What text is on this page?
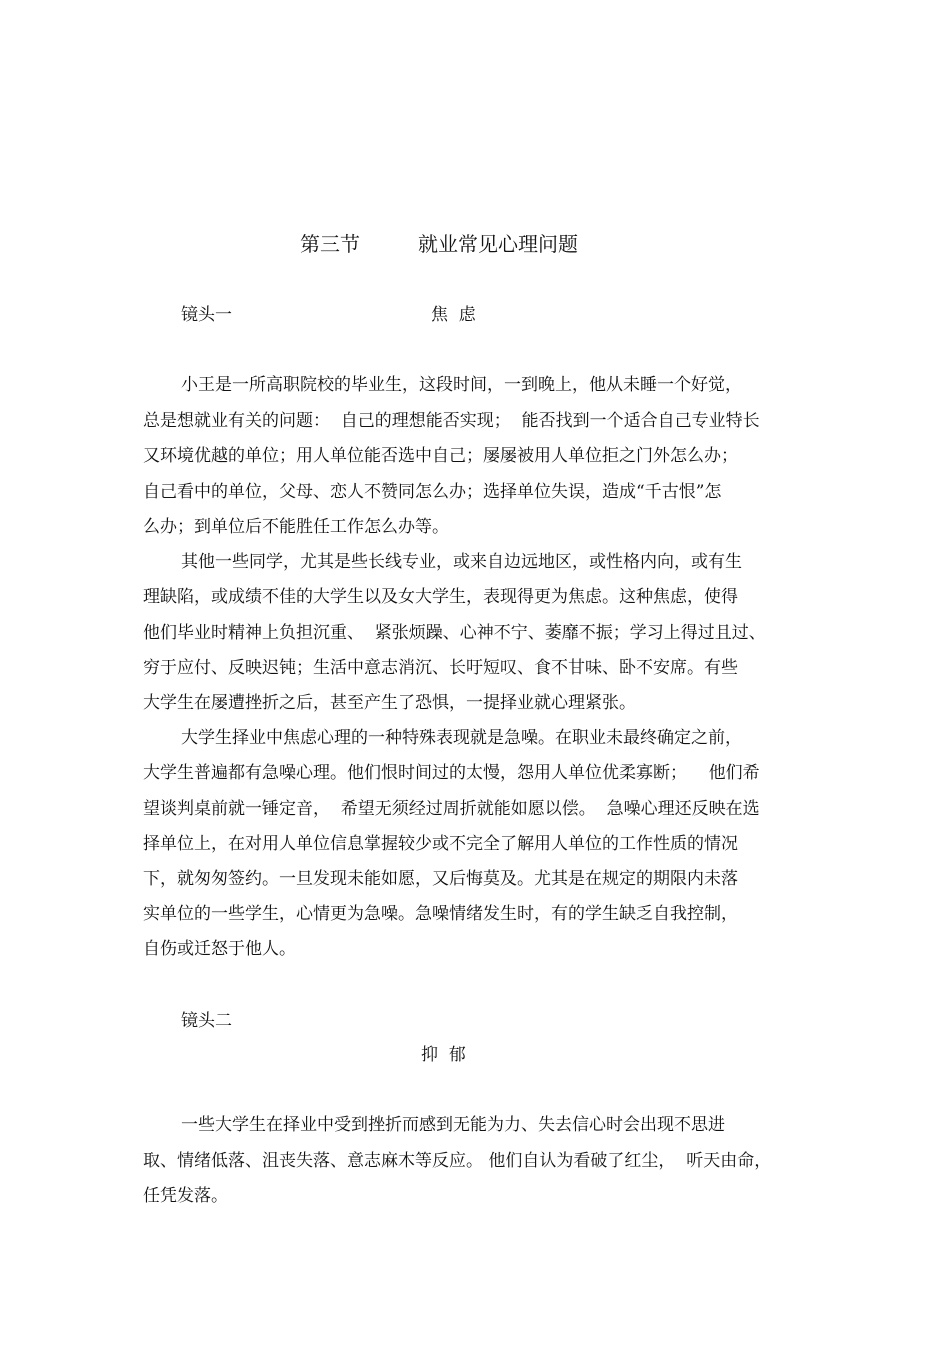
第三节	就业常见心理问题
镜头一	焦  虑
小王是一所高职院校的毕业生，这段时间，一到晚上，他从未睡一个好觉，
总是想就业有关的问题：  自己的理想能否实现；  能否找到一个适合自己专业特长
又环境优越的单位；用人单位能否选中自己；屡屡被用人单位拒之门外怎么办；
自己看中的单位，父母、恋人不赞同怎么办；选择单位失误，造成“千古恨”怎
么办；到单位后不能胜任工作怎么办等。
其他一些同学，尤其是些长线专业，或来自边远地区，或性格内向，或有生
理缺陷，或成绩不佳的大学生以及女大学生，表现得更为焦虑。这种焦虑，使得
他们毕业时精神上负担沉重、  紧张烦躁、心神不宁、萎靡不振；学习上得过且过、
穷于应付、反映迟钝；生活中意志消沉、长吁短叹、食不甘味、卧不安席。有些
大学生在屡遭挫折之后，甚至产生了恐惧，一提择业就心理紧张。
大学生择业中焦虑心理的一种特殊表现就是急噪。在职业未最终确定之前，
大学生普遍都有急噪心理。他们恨时间过的太慢，怨用人单位优柔寡断；    他们希
望谈判桌前就一锤定音，  希望无须经过周折就能如愿以偿。  急噪心理还反映在选
择单位上，在对用人单位信息掌握较少或不完全了解用人单位的工作性质的情况
下，就匆匆签约。一旦发现未能如愿，又后悔莫及。尤其是在规定的期限内未落
实单位的一些学生，心情更为急噪。急噪情绪发生时，有的学生缺乏自我控制，
自伤或迁怒于他人。
镜头二
抑  郁
一些大学生在择业中受到挫折而感到无能为力、失去信心时会出现不思进
取、情绪低落、沮丧失落、意志麻木等反应。 他们自认为看破了红尘，  听天由命，
任凭发落。
